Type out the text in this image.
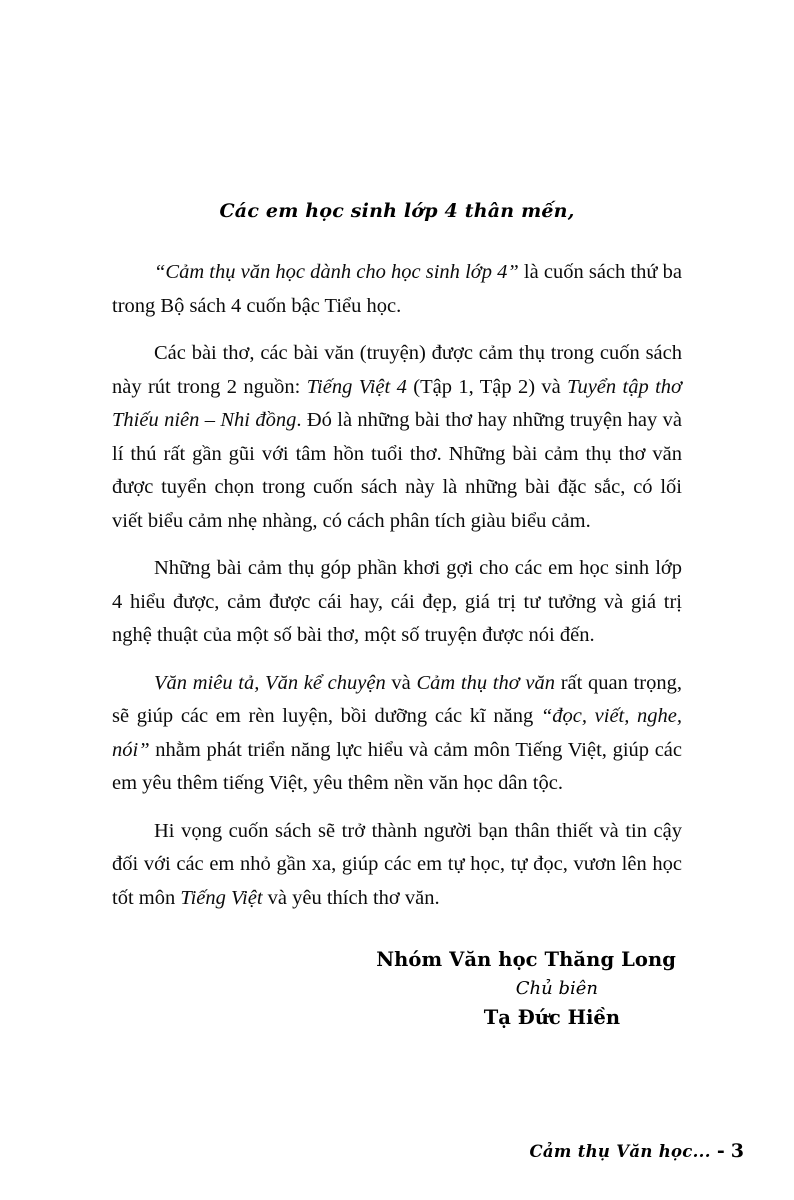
Các em học sinh lớp 4 thân mến,

“Cảm thụ văn học dành cho học sinh lớp 4” là cuốn sách thứ ba trong Bộ sách 4 cuốn bậc Tiểu học.

Các bài thơ, các bài văn (truyện) được cảm thụ trong cuốn sách này rút trong 2 nguồn: Tiếng Việt 4 (Tập 1, Tập 2) và Tuyển tập thơ Thiếu niên – Nhi đồng. Đó là những bài thơ hay những truyện hay và lí thú rất gần gũi với tâm hồn tuổi thơ. Những bài cảm thụ thơ văn được tuyển chọn trong cuốn sách này là những bài đặc sắc, có lối viết biểu cảm nhẹ nhàng, có cách phân tích giàu biểu cảm.

Những bài cảm thụ góp phần khơi gợi cho các em học sinh lớp 4 hiểu được, cảm được cái hay, cái đẹp, giá trị tư tưởng và giá trị nghệ thuật của một số bài thơ, một số truyện được nói đến.

Văn miêu tả, Văn kể chuyện và Cảm thụ thơ văn rất quan trọng, sẽ giúp các em rèn luyện, bồi dưỡng các kĩ năng “đọc, viết, nghe, nói” nhằm phát triển năng lực hiểu và cảm môn Tiếng Việt, giúp các em yêu thêm tiếng Việt, yêu thêm nền văn học dân tộc.

Hi vọng cuốn sách sẽ trở thành người bạn thân thiết và tin cậy đối với các em nhỏ gần xa, giúp các em tự học, tự đọc, vươn lên học tốt môn Tiếng Việt và yêu thích thơ văn.

Nhóm Văn học Thăng Long
Chủ biên
Tạ Đức Hiền
Cảm thụ Văn học... - 3
